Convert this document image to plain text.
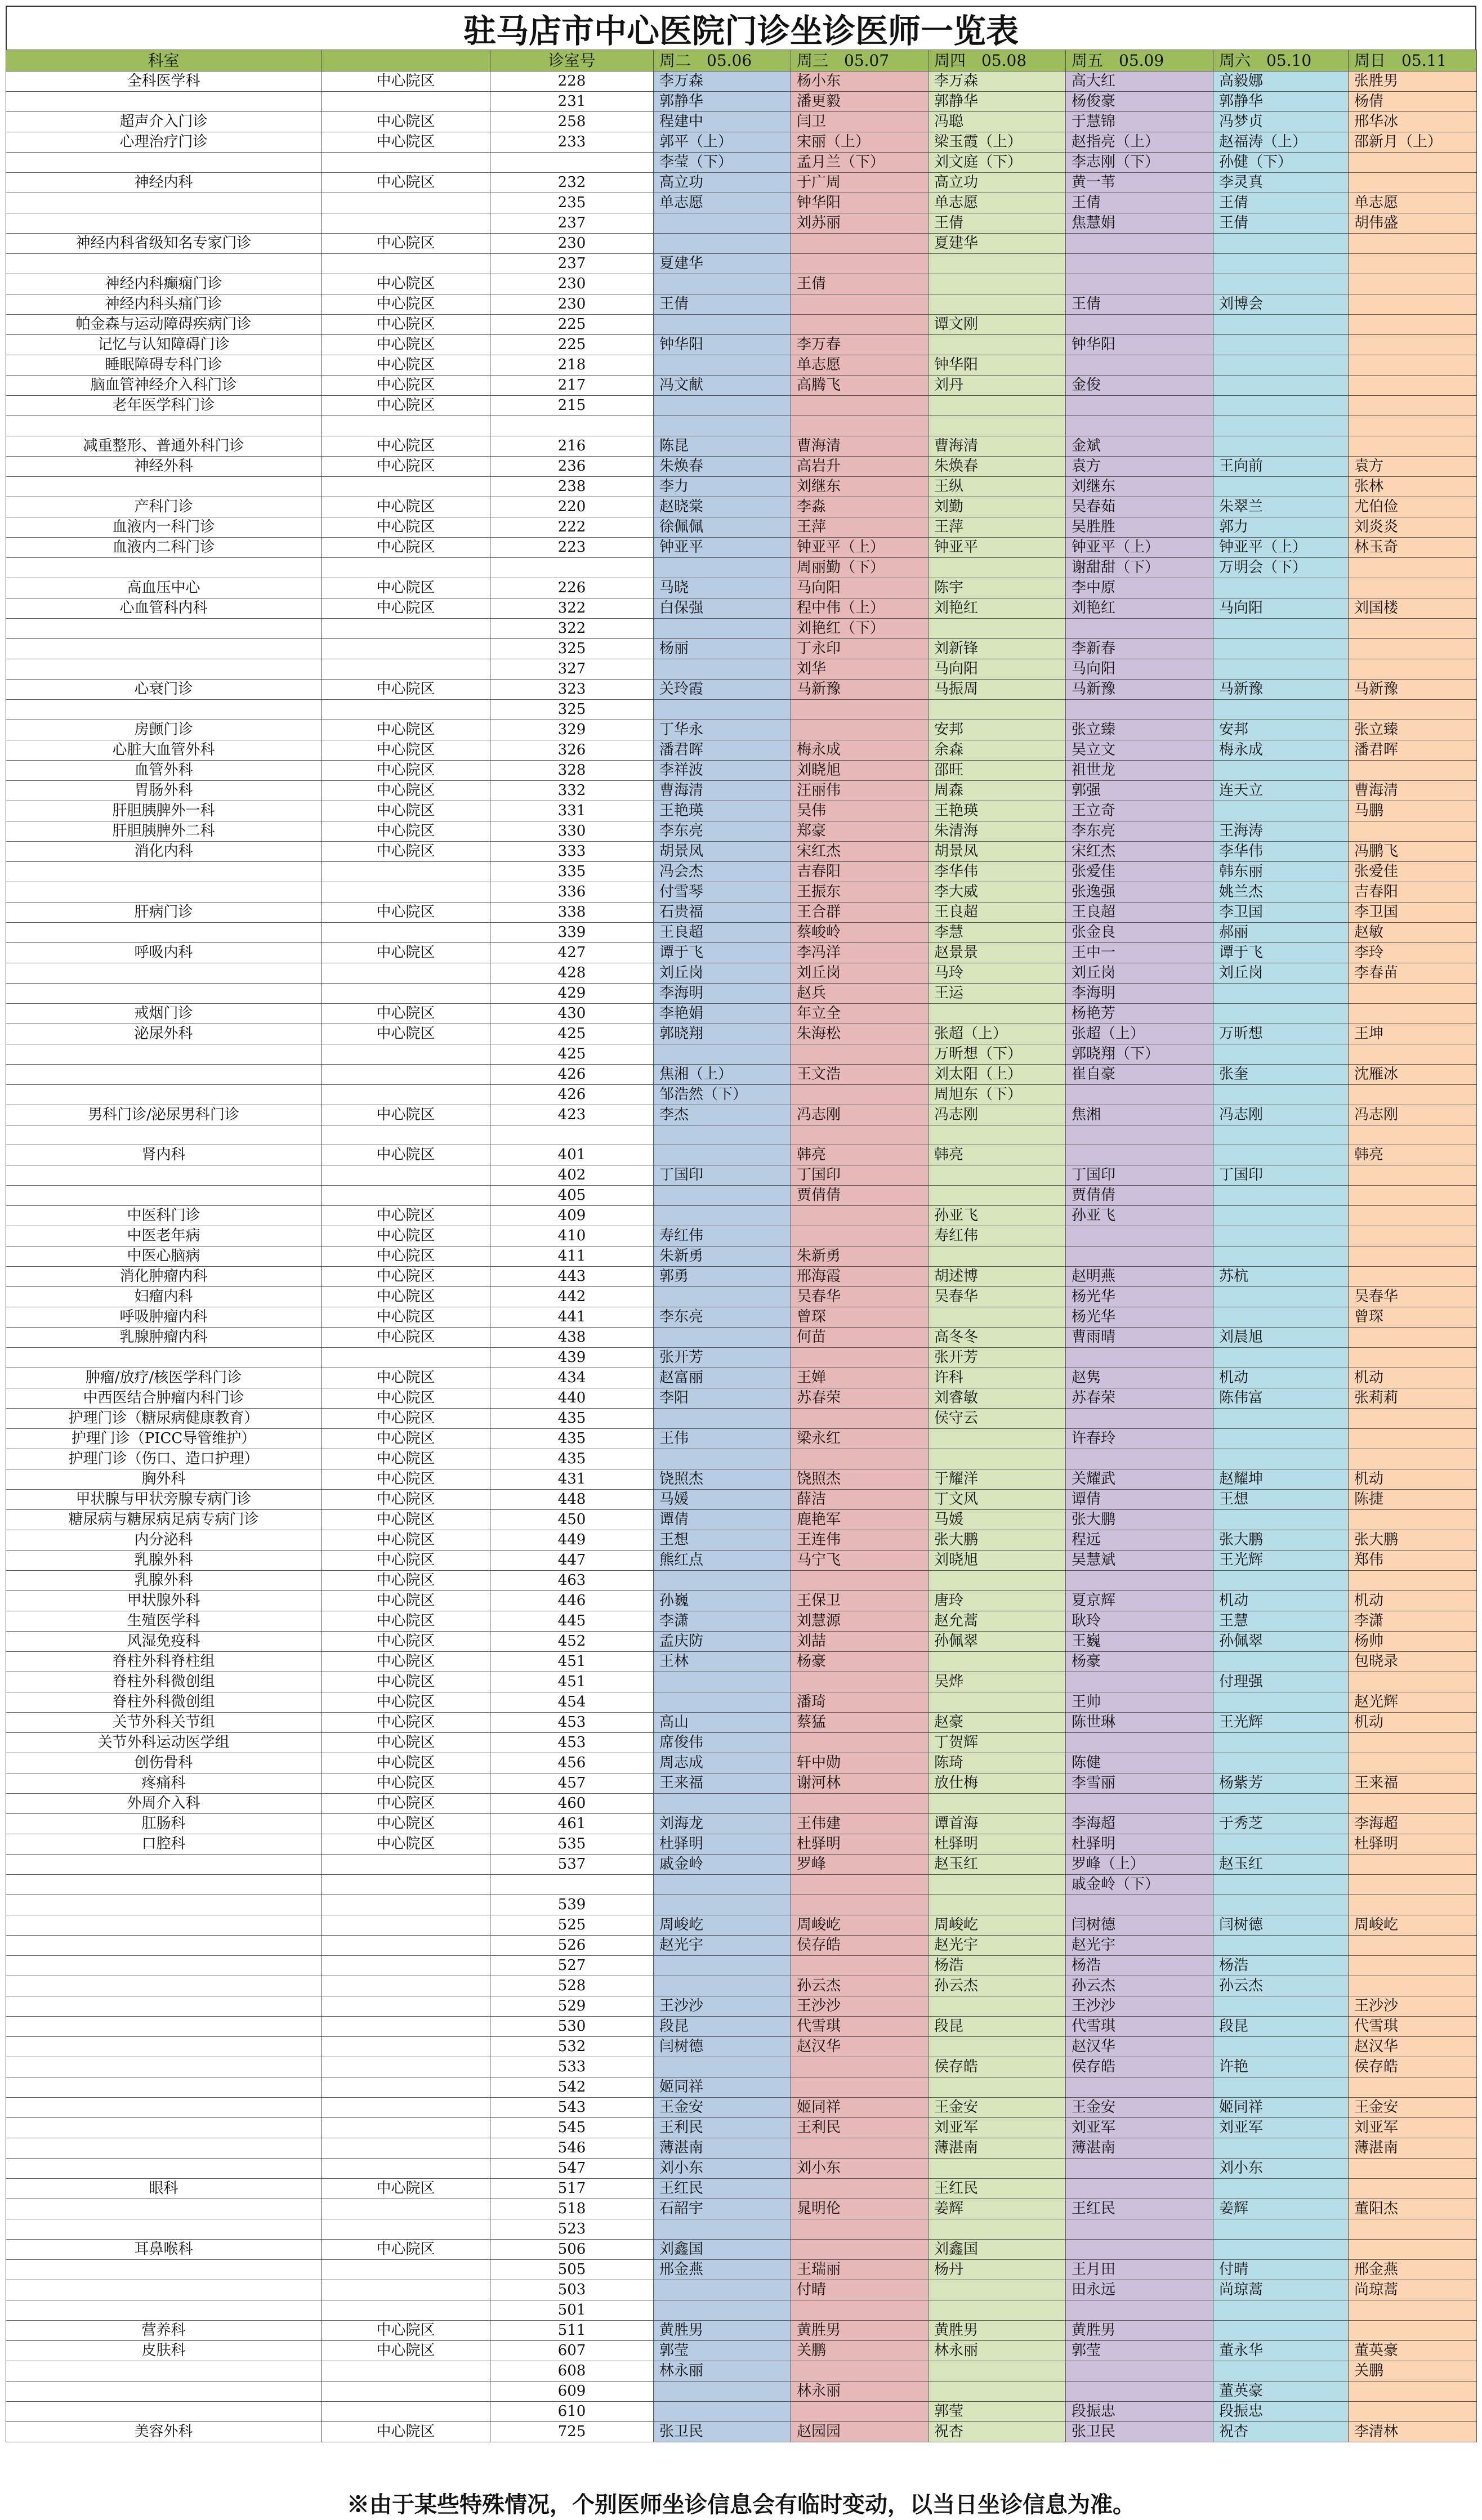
驻马店市中心医院门诊坐诊医师一览表
科室		诊室号	周二　05.06	周三　05.07	周四　05.08	周五　05.09	周六　05.10	周日　05.11
全科医学科	中心院区	228	李万森	杨小东	李万森	高大红	高毅娜	张胜男
		231	郭静华	潘更毅	郭静华	杨俊豪	郭静华	杨倩
超声介入门诊	中心院区	258	程建中	闫卫	冯聪	于慧锦	冯梦贞	邢华冰
心理治疗门诊	中心院区	233	郭平（上）	宋丽（上）	梁玉霞（上）	赵指亮（上）	赵福涛（上）	邵新月（上）
			李莹（下）	孟月兰（下）	刘文庭（下）	李志刚（下）	孙健（下）	
神经内科	中心院区	232	高立功	于广周	高立功	黄一苇	李灵真	
		235	单志愿	钟华阳	单志愿	王倩	王倩	单志愿
		237		刘苏丽	王倩	焦慧娟	王倩	胡伟盛
神经内科省级知名专家门诊	中心院区	230			夏建华			
		237	夏建华					
神经内科癫痫门诊	中心院区	230		王倩				
神经内科头痛门诊	中心院区	230	王倩			王倩	刘博会	
帕金森与运动障碍疾病门诊	中心院区	225			谭文刚			
记忆与认知障碍门诊	中心院区	225	钟华阳	李万春		钟华阳		
睡眠障碍专科门诊	中心院区	218		单志愿	钟华阳			
脑血管神经介入科门诊	中心院区	217	冯文献	高腾飞	刘丹	金俊		
老年医学科门诊	中心院区	215						

减重整形、普通外科门诊	中心院区	216	陈昆	曹海清	曹海清	金斌		
神经外科	中心院区	236	朱焕春	高岩升	朱焕春	袁方	王向前	袁方
		238	李力	刘继东	王纵	刘继东		张林
产科门诊	中心院区	220	赵晓棠	李淼	刘勤	吴春茹	朱翠兰	尤伯俭
血液内一科门诊	中心院区	222	徐佩佩	王萍	王萍	吴胜胜	郭力	刘炎炎
血液内二科门诊	中心院区	223	钟亚平	钟亚平（上）	钟亚平	钟亚平（上）	钟亚平（上）	林玉奇
				周丽勤（下）		谢甜甜（下）	万明会（下）	
高血压中心	中心院区	226	马晓	马向阳	陈宇	李中原		
心血管科内科	中心院区	322	白保强	程中伟（上）	刘艳红	刘艳红	马向阳	刘国楼
		322		刘艳红（下）				
		325	杨丽	丁永印	刘新锋	李新春		
		327		刘华	马向阳	马向阳		
心衰门诊	中心院区	323	关玲霞	马新豫	马振周	马新豫	马新豫	马新豫
		325						
房颤门诊	中心院区	329	丁华永		安邦	张立臻	安邦	张立臻
心脏大血管外科	中心院区	326	潘君晖	梅永成	余森	吴立文	梅永成	潘君晖
血管外科	中心院区	328	李祥波	刘晓旭	邵旺	祖世龙		
胃肠外科	中心院区	332	曹海清	汪丽伟	周森	郭强	连天立	曹海清
肝胆胰脾外一科	中心院区	331	王艳瑛	吴伟	王艳瑛	王立奇		马鹏
肝胆胰脾外二科	中心院区	330	李东亮	郑豪	朱清海	李东亮	王海涛	
消化内科	中心院区	333	胡景凤	宋红杰	胡景凤	宋红杰	李华伟	冯鹏飞
		335	冯会杰	吉春阳	李华伟	张爱佳	韩东丽	张爱佳
		336	付雪琴	王振东	李大威	张逸强	姚兰杰	吉春阳
肝病门诊	中心院区	338	石贵福	王合群	王良超	王良超	李卫国	李卫国
		339	王良超	蔡峻岭	李慧	张金良	郝丽	赵敏
呼吸内科	中心院区	427	谭于飞	李冯洋	赵景景	王中一	谭于飞	李玲
		428	刘丘岗	刘丘岗	马玲	刘丘岗	刘丘岗	李春苗
		429	李海明	赵兵	王运	李海明		
戒烟门诊	中心院区	430	李艳娟	年立全		杨艳芳		
泌尿外科	中心院区	425	郭晓翔	朱海松	张超（上）	张超（上）	万昕想	王坤
		425			万昕想（下）	郭晓翔（下）		
		426	焦湘（上）	王文浩	刘太阳（上）	崔自豪	张奎	沈雁冰
		426	邹浩然（下）		周旭东（下）			
男科门诊/泌尿男科门诊	中心院区	423	李杰	冯志刚	冯志刚	焦湘	冯志刚	冯志刚

肾内科	中心院区	401		韩亮	韩亮			韩亮
		402	丁国印	丁国印		丁国印	丁国印	
		405		贾倩倩		贾倩倩		
中医科门诊	中心院区	409			孙亚飞	孙亚飞		
中医老年病	中心院区	410	寿红伟		寿红伟			
中医心脑病	中心院区	411	朱新勇	朱新勇				
消化肿瘤内科	中心院区	443	郭勇	邢海霞	胡述博	赵明燕	苏杭	
妇瘤内科	中心院区	442		吴春华	吴春华	杨光华		吴春华
呼吸肿瘤内科	中心院区	441	李东亮	曾琛		杨光华		曾琛
乳腺肿瘤内科	中心院区	438		何苗	高冬冬	曹雨晴	刘晨旭	
		439	张开芳		张开芳			
肿瘤/放疗/核医学科门诊	中心院区	434	赵富丽	王婵	许科	赵隽	机动	机动
中西医结合肿瘤内科门诊	中心院区	440	李阳	苏春荣	刘睿敏	苏春荣	陈伟富	张莉莉
护理门诊（糖尿病健康教育）	中心院区	435			侯守云			
护理门诊（PICC导管维护）	中心院区	435	王伟	梁永红		许春玲		
护理门诊（伤口、造口护理）	中心院区	435						
胸外科	中心院区	431	饶照杰	饶照杰	于耀洋	关耀武	赵耀坤	机动
甲状腺与甲状旁腺专病门诊	中心院区	448	马媛	薛洁	丁文风	谭倩	王想	陈捷
糖尿病与糖尿病足病专病门诊	中心院区	450	谭倩	鹿艳军	马媛	张大鹏		
内分泌科	中心院区	449	王想	王连伟	张大鹏	程远	张大鹏	张大鹏
乳腺外科	中心院区	447	熊红点	马宁飞	刘晓旭	吴慧斌	王光辉	郑伟
乳腺外科	中心院区	463						
甲状腺外科	中心院区	446	孙巍	王保卫	唐玲	夏京辉	机动	机动
生殖医学科	中心院区	445	李潇	刘慧源	赵允蒿	耿玲	王慧	李潇
风湿免疫科	中心院区	452	孟庆防	刘喆	孙佩翠	王巍	孙佩翠	杨帅
脊柱外科脊柱组	中心院区	451	王林	杨豪		杨豪		包晓录
脊柱外科微创组	中心院区	451			吴烨		付理强	
脊柱外科微创组	中心院区	454		潘琦		王帅		赵光辉
关节外科关节组	中心院区	453	高山	蔡猛	赵豪	陈世琳	王光辉	机动
关节外科运动医学组	中心院区	453	席俊伟		丁贺辉			
创伤骨科	中心院区	456	周志成	轩中勋	陈琦	陈健		
疼痛科	中心院区	457	王来福	谢河林	放仕梅	李雪丽	杨紫芳	王来福
外周介入科	中心院区	460						
肛肠科	中心院区	461	刘海龙	王伟建	谭首海	李海超	于秀芝	李海超
口腔科	中心院区	535	杜驿明	杜驿明	杜驿明	杜驿明		杜驿明
		537	戚金岭	罗峰	赵玉红	罗峰（上）	赵玉红	
						戚金岭（下）		
		539						
		525	周峻屹	周峻屹	周峻屹	闫树德	闫树德	周峻屹
		526	赵光宇	侯存皓	赵光宇	赵光宇		
		527			杨浩	杨浩	杨浩	
		528		孙云杰	孙云杰	孙云杰	孙云杰	
		529	王沙沙	王沙沙		王沙沙		王沙沙
		530	段昆	代雪琪	段昆	代雪琪	段昆	代雪琪
		532	闫树德	赵汉华		赵汉华		赵汉华
		533			侯存皓	侯存皓	许艳	侯存皓
		542	姬同祥					
		543	王金安	姬同祥	王金安	王金安	姬同祥	王金安
		545	王利民	王利民	刘亚军	刘亚军	刘亚军	刘亚军
		546	薄湛南		薄湛南	薄湛南		薄湛南
		547	刘小东	刘小东			刘小东	
眼科	中心院区	517	王红民		王红民			
		518	石韶宇	晁明伦	姜辉	王红民	姜辉	董阳杰
		523						
耳鼻喉科	中心院区	506	刘鑫国		刘鑫国			
		505	邢金燕	王瑞丽	杨丹	王月田	付晴	邢金燕
		503		付晴		田永远	尚琼蒿	尚琼蒿
		501						
营养科	中心院区	511	黄胜男	黄胜男	黄胜男	黄胜男		
皮肤科	中心院区	607	郭莹	关鹏	林永丽	郭莹	董永华	董英豪
		608	林永丽					关鹏
		609		林永丽			董英豪	
		610			郭莹	段振忠	段振忠	
美容外科	中心院区	725	张卫民	赵园园	祝杏	张卫民	祝杏	李清林
※由于某些特殊情况，个别医师坐诊信息会有临时变动，以当日坐诊信息为准。
